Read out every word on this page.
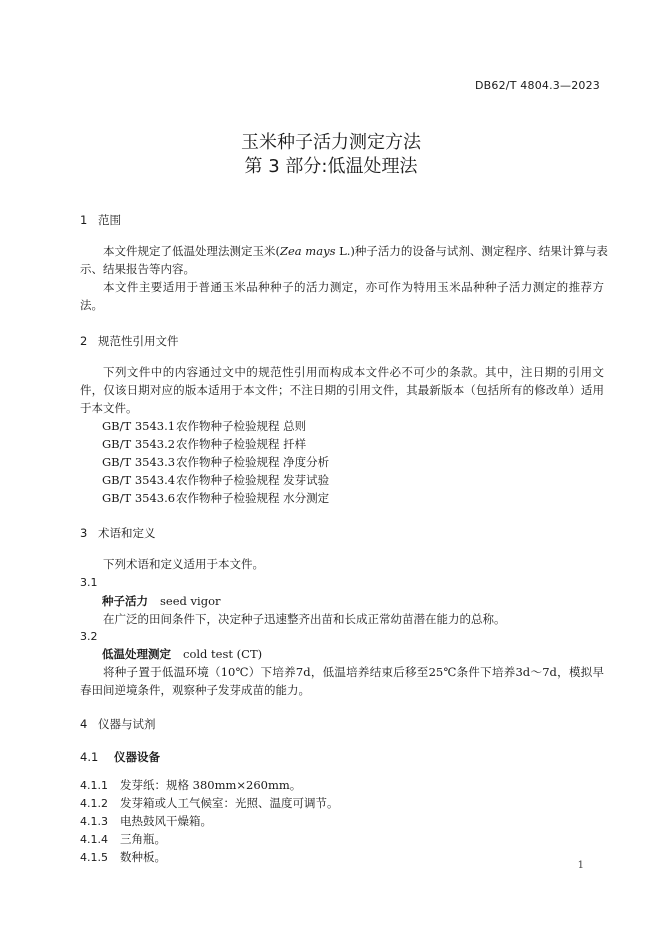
DB62/T 4804.3—2023
玉米种子活力测定方法
第 3 部分:低温处理法
1 范围
本文件规定了低温处理法测定玉米(Zea mays L.)种子活力的设备与试剂、测定程序、结果计算与表
示、结果报告等内容。
本文件主要适用于普通玉米品种种子的活力测定，亦可作为特用玉米品种种子活力测定的推荐方法。
2 规范性引用文件
下列文件中的内容通过文中的规范性引用而构成本文件必不可少的条款。其中，注日期的引用文件，仅该日期对应的版本适用于本文件；不注日期的引用文件，其最新版本（包括所有的修改单）适用于本文件。
GB/T 3543.1农作物种子检验规程 总则
GB/T 3543.2农作物种子检验规程 扦样
GB/T 3543.3农作物种子检验规程 净度分析
GB/T 3543.4农作物种子检验规程 发芽试验
GB/T 3543.6农作物种子检验规程 水分测定
3 术语和定义
下列术语和定义适用于本文件。
3.1
种子活力 seed vigor
在广泛的田间条件下，决定种子迅速整齐出苗和长成正常幼苗潜在能力的总称。
3.2
低温处理测定 cold test (CT)
将种子置于低温环境（10℃）下培养7d，低温培养结束后移至25℃条件下培养3d～7d，模拟早春田间逆境条件，观察种子发芽成苗的能力。
4 仪器与试剂
4.1 仪器设备
4.1.1 发芽纸：规格 380mm×260mm。
4.1.2 发芽箱或人工气候室：光照、温度可调节。
4.1.3 电热鼓风干燥箱。
4.1.4 三角瓶。
4.1.5 数种板。
1
